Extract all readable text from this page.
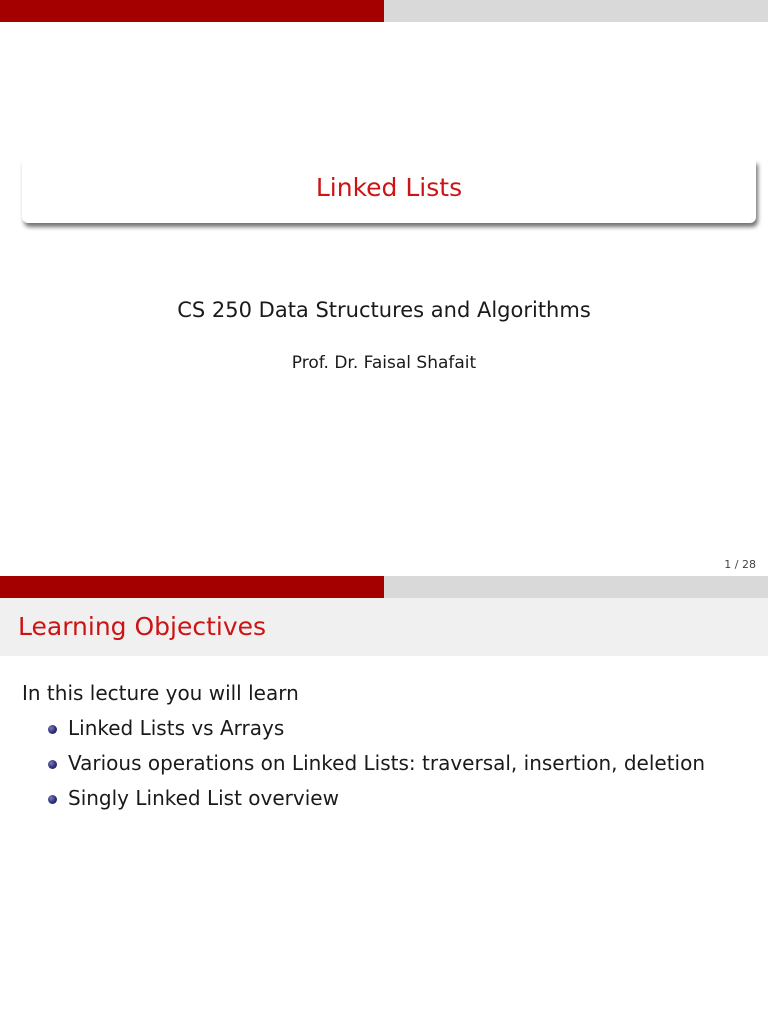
Linked Lists
CS 250 Data Structures and Algorithms
Prof. Dr. Faisal Shafait
1 / 28
Learning Objectives
In this lecture you will learn
Linked Lists vs Arrays
Various operations on Linked Lists: traversal, insertion, deletion
Singly Linked List overview
